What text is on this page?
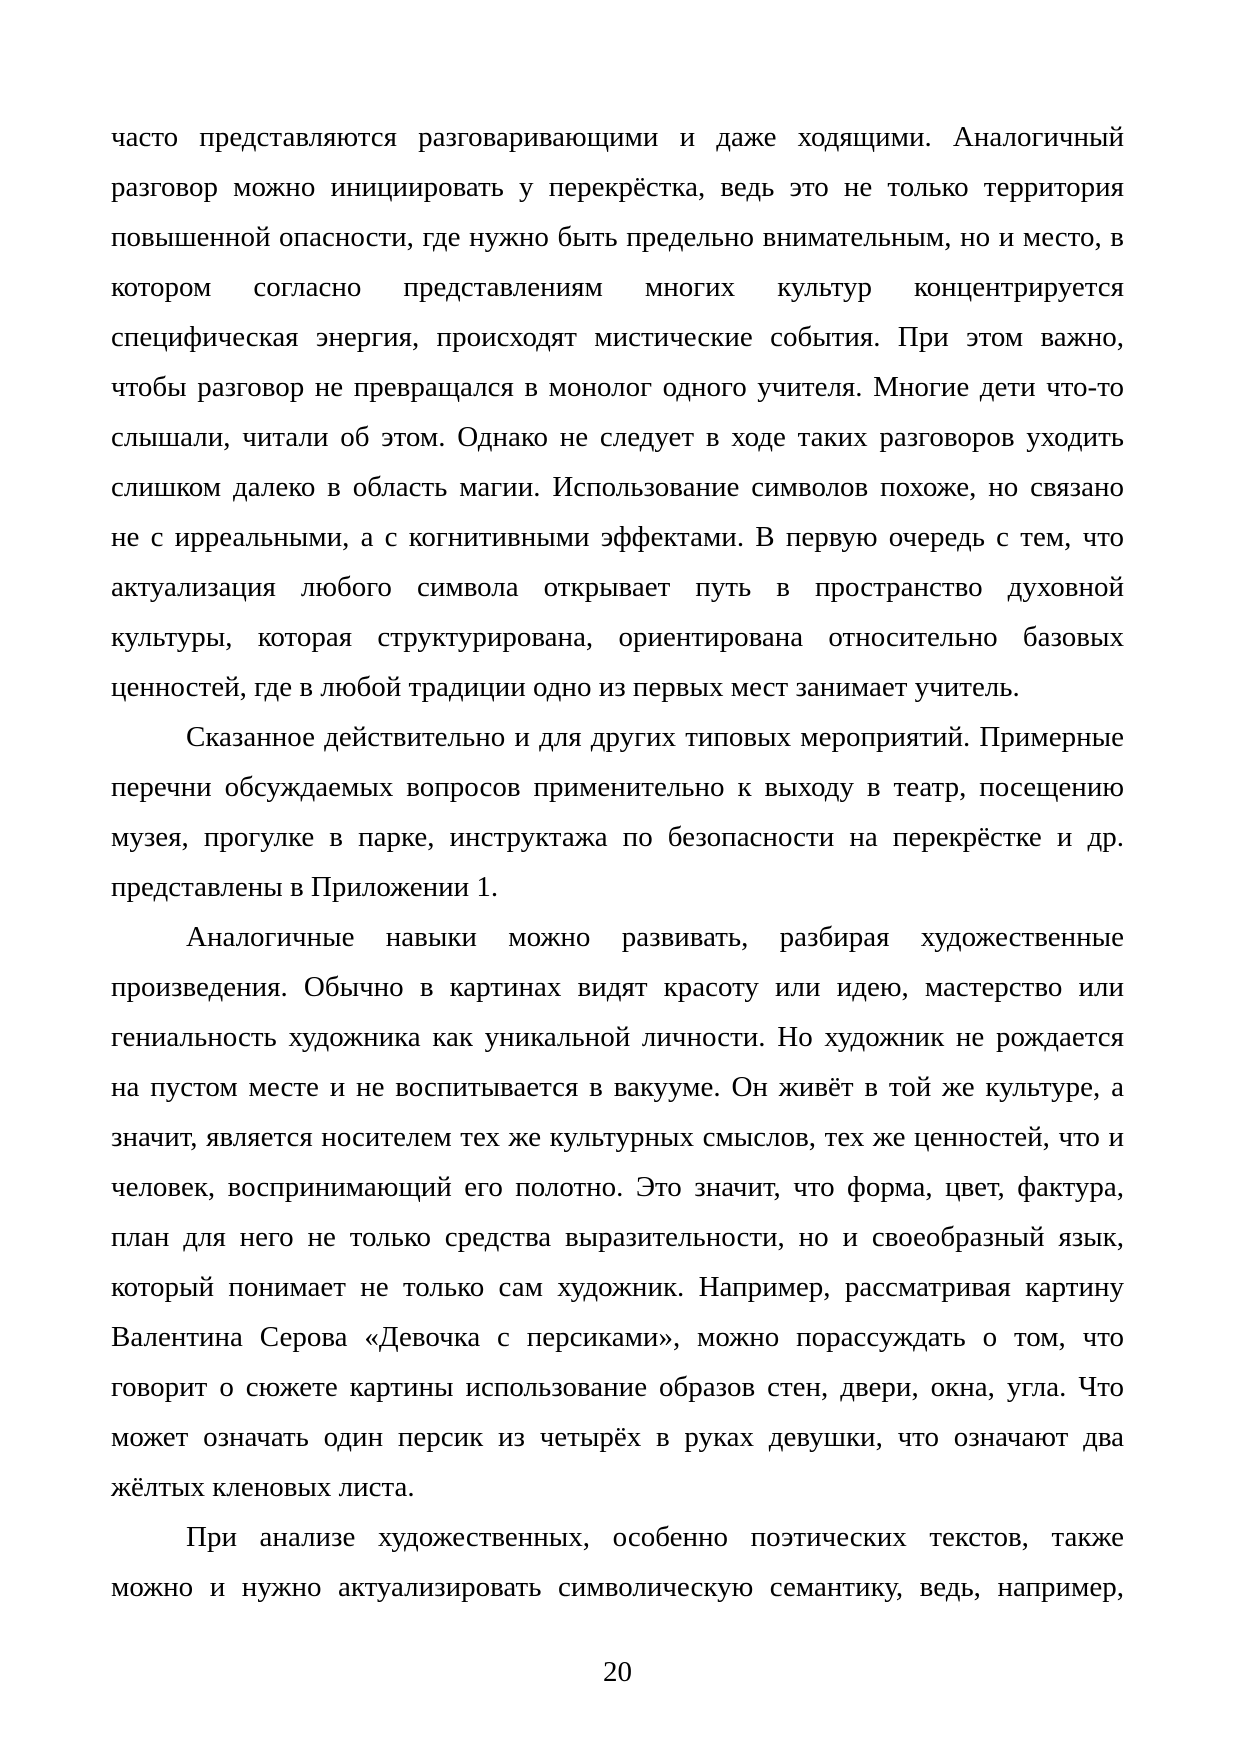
часто представляются разговаривающими и даже ходящими. Аналогичный
разговор можно инициировать у перекрёстка, ведь это не только территория
повышенной опасности, где нужно быть предельно внимательным, но и место, в
котором согласно представлениям многих культур концентрируется
специфическая энергия, происходят мистические события. При этом важно,
чтобы разговор не превращался в монолог одного учителя. Многие дети что-то
слышали, читали об этом. Однако не следует в ходе таких разговоров уходить
слишком далеко в область магии. Использование символов похоже, но связано
не с ирреальными, а с когнитивными эффектами. В первую очередь с тем, что
актуализация любого символа открывает путь в пространство духовной
культуры, которая структурирована, ориентирована относительно базовых
ценностей, где в любой традиции одно из первых мест занимает учитель.
Сказанное действительно и для других типовых мероприятий. Примерные
перечни обсуждаемых вопросов применительно к выходу в театр, посещению
музея, прогулке в парке, инструктажа по безопасности на перекрёстке и др.
представлены в Приложении 1.
Аналогичные навыки можно развивать, разбирая художественные
произведения. Обычно в картинах видят красоту или идею, мастерство или
гениальность художника как уникальной личности. Но художник не рождается
на пустом месте и не воспитывается в вакууме. Он живёт в той же культуре, а
значит, является носителем тех же культурных смыслов, тех же ценностей, что и
человек, воспринимающий его полотно. Это значит, что форма, цвет, фактура,
план для него не только средства выразительности, но и своеобразный язык,
который понимает не только сам художник. Например, рассматривая картину
Валентина Серова «Девочка с персиками», можно порассуждать о том, что
говорит о сюжете картины использование образов стен, двери, окна, угла. Что
может означать один персик из четырёх в руках девушки, что означают два
жёлтых кленовых листа.
При анализе художественных, особенно поэтических текстов, также
можно и нужно актуализировать символическую семантику, ведь, например,
20
